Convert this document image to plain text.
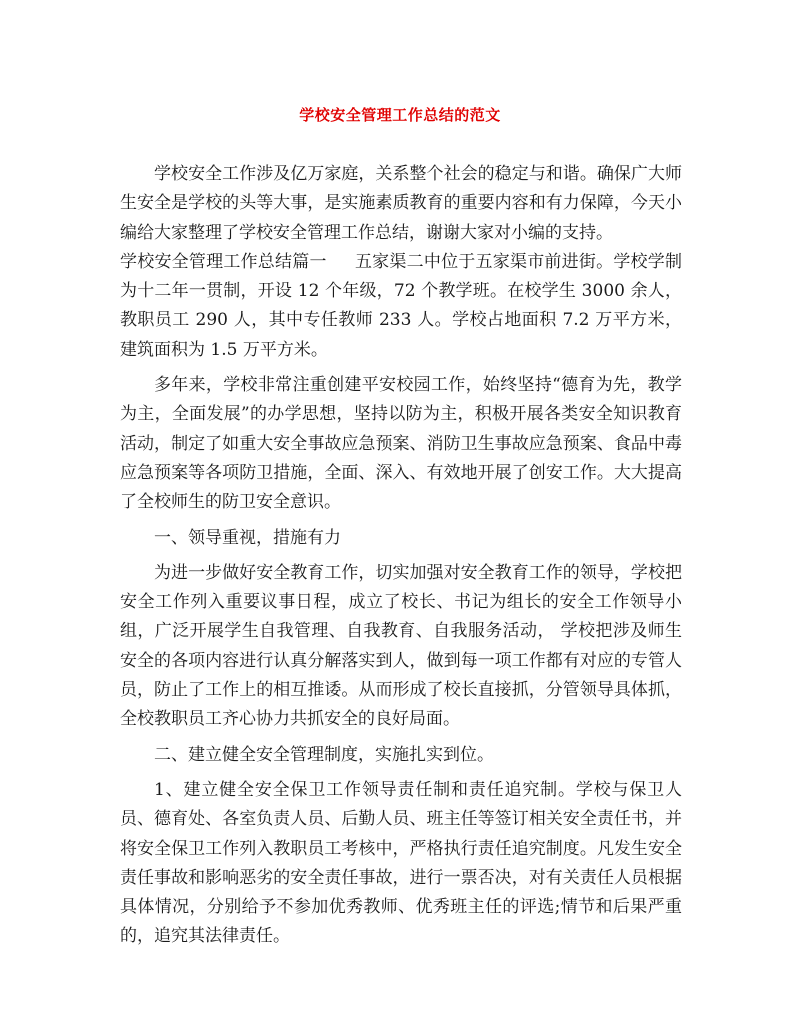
学校安全管理工作总结的范文

学校安全工作涉及亿万家庭，关系整个社会的稳定与和谐。确保广大师生安全是学校的头等大事，是实施素质教育的重要内容和有力保障，今天小编给大家整理了学校安全管理工作总结，谢谢大家对小编的支持。

学校安全管理工作总结篇一 五家渠二中位于五家渠市前进街。学校学制为十二年一贯制，开设 12 个年级，72 个教学班。在校学生 3000 余人，教职员工 290 人，其中专任教师 233 人。学校占地面积 7.2 万平方米，建筑面积为 1.5 万平方米。

多年来，学校非常注重创建平安校园工作，始终坚持“德育为先，教学为主，全面发展”的办学思想，坚持以防为主，积极开展各类安全知识教育活动，制定了如重大安全事故应急预案、消防卫生事故应急预案、食品中毒应急预案等各项防卫措施，全面、深入、有效地开展了创安工作。大大提高了全校师生的防卫安全意识。

一、领导重视，措施有力

为进一步做好安全教育工作，切实加强对安全教育工作的领导，学校把安全工作列入重要议事日程，成立了校长、书记为组长的安全工作领导小组，广泛开展学生自我管理、自我教育、自我服务活动， 学校把涉及师生安全的各项内容进行认真分解落实到人，做到每一项工作都有对应的专管人员，防止了工作上的相互推诿。从而形成了校长直接抓，分管领导具体抓，全校教职员工齐心协力共抓安全的良好局面。

二、建立健全安全管理制度，实施扎实到位。

1、建立健全安全保卫工作领导责任制和责任追究制。学校与保卫人员、德育处、各室负责人员、后勤人员、班主任等签订相关安全责任书，并将安全保卫工作列入教职员工考核中，严格执行责任追究制度。凡发生安全责任事故和影响恶劣的安全责任事故，进行一票否决，对有关责任人员根据具体情况，分别给予不参加优秀教师、优秀班主任的评选;情节和后果严重的，追究其法律责任。
